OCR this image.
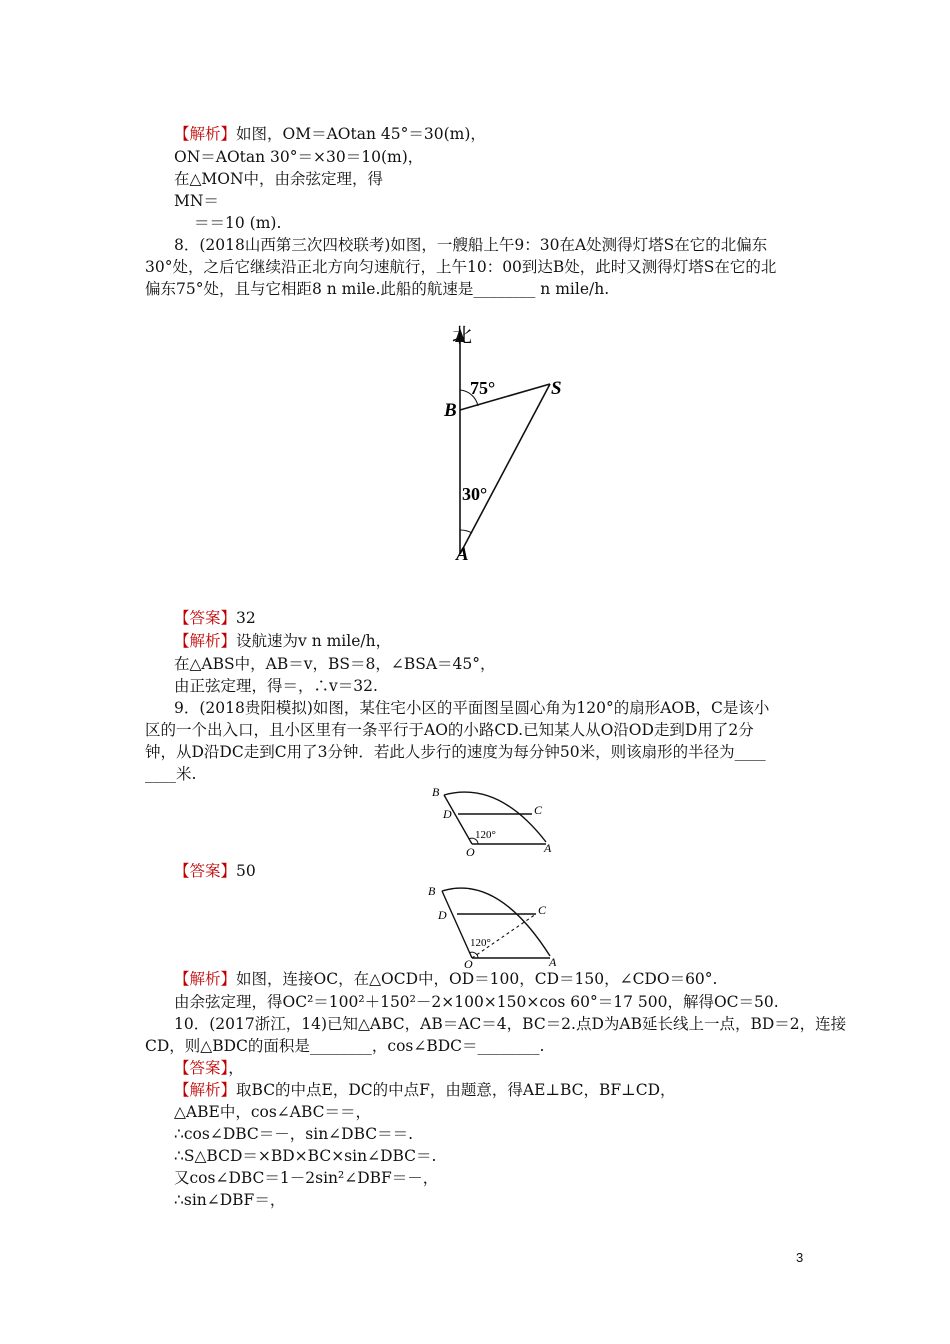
【解析】如图，OM＝AOtan 45°＝30(m)，
ON＝AOtan 30°＝×30＝10(m)，
在△MON中，由余弦定理，得
MN＝
＝＝10 (m).
8．(2018山西第三次四校联考)如图，一艘船上午9：30在A处测得灯塔S在它的北偏东
30°处，之后它继续沿正北方向匀速航行，上午10：00到达B处，此时又测得灯塔S在它的北
偏东75°处，且与它相距8 n mile.此船的航速是________ n mile/h.
北
75°
30°
S
B
A
【答案】32
【解析】设航速为v n mile/h，
在△ABS中，AB＝v，BS＝8，∠BSA＝45°，
由正弦定理，得＝，∴v＝32.
9．(2018贵阳模拟)如图，某住宅小区的平面图呈圆心角为120°的扇形AOB，C是该小
区的一个出入口，且小区里有一条平行于AO的小路CD.已知某人从O沿OD走到D用了2分
钟，从D沿DC走到C用了3分钟．若此人步行的速度为每分钟50米，则该扇形的半径为____
____米.
120°
B
D	C
O	A
【答案】50
120°
B
D	C
O	A
【解析】如图，连接OC，在△OCD中，OD＝100，CD＝150，∠CDO＝60°.
由余弦定理，得OC²＝100²＋150²－2×100×150×cos 60°＝17 500，解得OC＝50.
10．(2017浙江，14)已知△ABC，AB＝AC＝4，BC＝2.点D为AB延长线上一点，BD＝2，连接
CD，则△BDC的面积是________，cos∠BDC＝________.
【答案】，
【解析】取BC的中点E，DC的中点F，由题意，得AE⊥BC，BF⊥CD，
△ABE中，cos∠ABC＝＝，
∴cos∠DBC＝－，sin∠DBC＝＝.
∴S△BCD＝×BD×BC×sin∠DBC＝.
又cos∠DBC＝1－2sin²∠DBF＝－，
∴sin∠DBF＝，
3
